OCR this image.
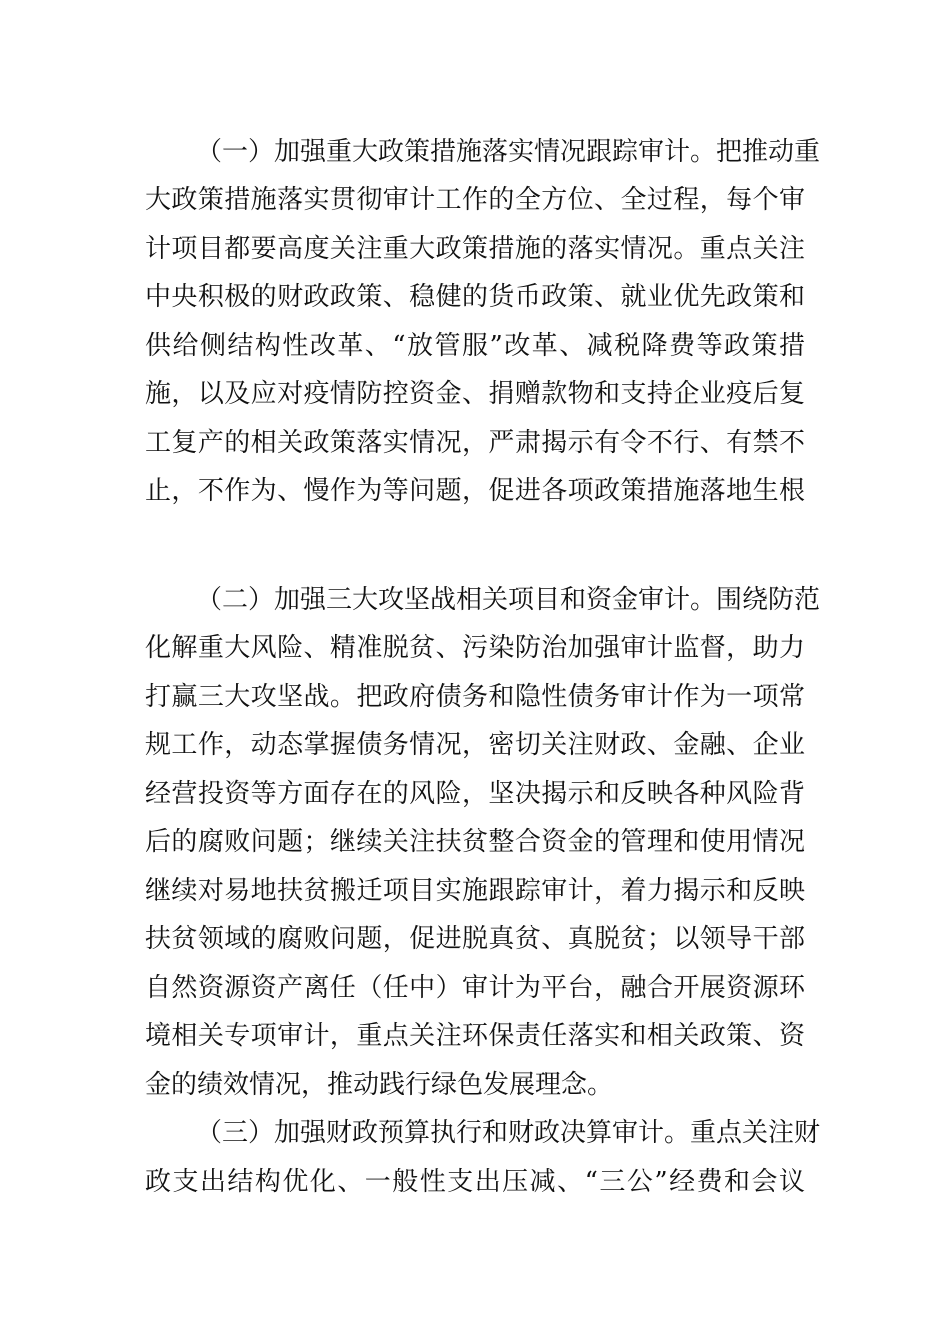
（一）加强重大政策措施落实情况跟踪审计。把推动重

大政策措施落实贯彻审计工作的全方位、全过程，每个审

计项目都要高度关注重大政策措施的落实情况。重点关注

中央积极的财政政策、稳健的货币政策、就业优先政策和

供给侧结构性改革、“放管服”改革、减税降费等政策措

施，以及应对疫情防控资金、捐赠款物和支持企业疫后复

工复产的相关政策落实情况，严肃揭示有令不行、有禁不

止，不作为、慢作为等问题，促进各项政策措施落地生根

（二）加强三大攻坚战相关项目和资金审计。围绕防范

化解重大风险、精准脱贫、污染防治加强审计监督，助力

打赢三大攻坚战。把政府债务和隐性债务审计作为一项常

规工作，动态掌握债务情况，密切关注财政、金融、企业

经营投资等方面存在的风险，坚决揭示和反映各种风险背

后的腐败问题；继续关注扶贫整合资金的管理和使用情况

继续对易地扶贫搬迁项目实施跟踪审计，着力揭示和反映

扶贫领域的腐败问题，促进脱真贫、真脱贫；以领导干部

自然资源资产离任（任中）审计为平台，融合开展资源环

境相关专项审计，重点关注环保责任落实和相关政策、资

金的绩效情况，推动践行绿色发展理念。

（三）加强财政预算执行和财政决算审计。重点关注财

政支出结构优化、一般性支出压减、“三公”经费和会议
